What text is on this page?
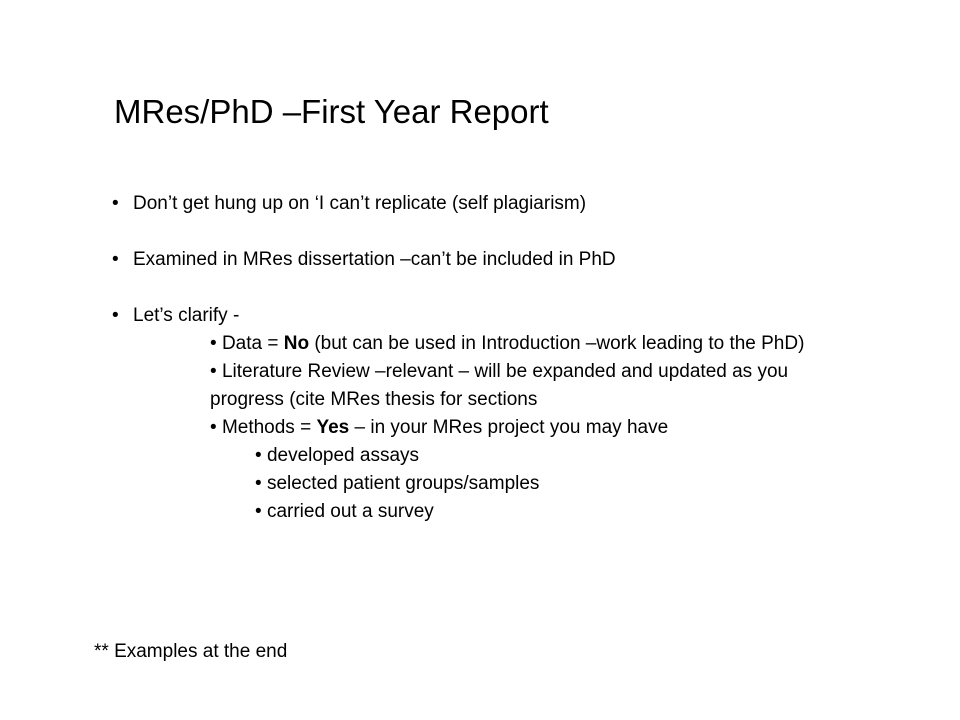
MRes/PhD –First Year Report

• Don’t get hung up on ‘I can’t replicate (self plagiarism)

• Examined in MRes dissertation –can’t be included in PhD

• Let’s clarify -

• Data = No (but can be used in Introduction –work leading to the PhD)

• Literature Review –relevant – will be expanded and updated as you progress (cite MRes thesis for sections

• Methods = Yes – in your MRes project you may have

• developed assays

• selected patient groups/samples

• carried out a survey

** Examples at the end
